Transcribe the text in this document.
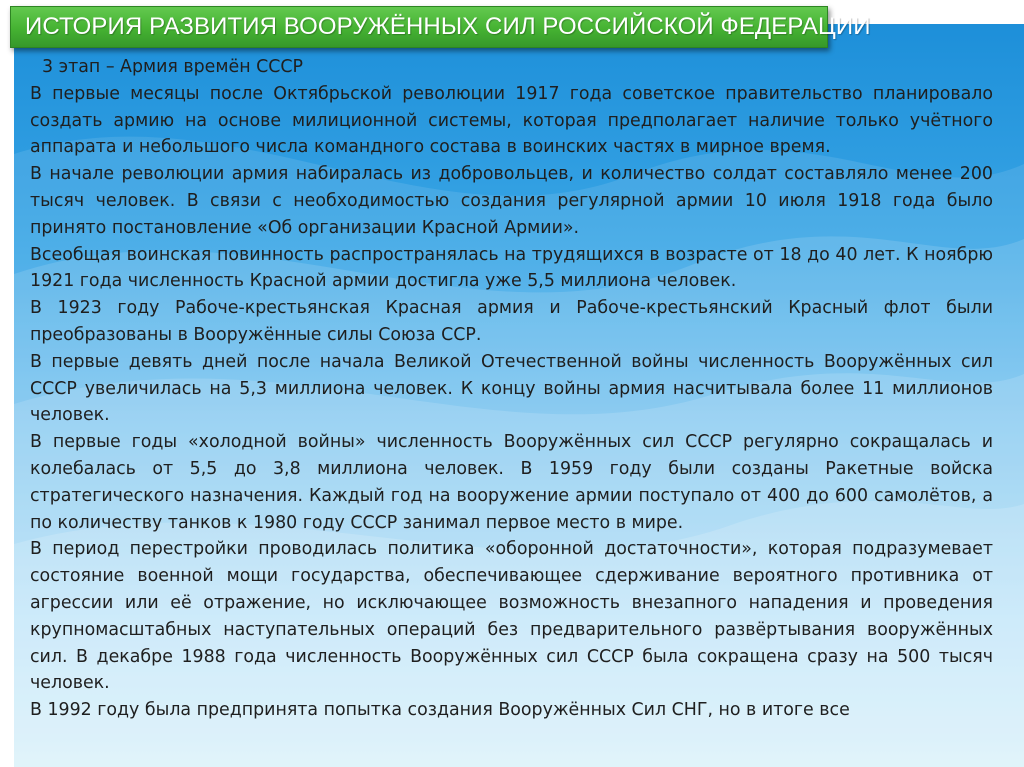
ИСТОРИЯ РАЗВИТИЯ ВООРУЖЁННЫХ СИЛ РОССИЙСКОЙ ФЕДЕРАЦИИ

3 этап – Армия времён СССР

В первые месяцы после Октябрьской революции 1917 года советское правительство планировало создать армию на основе милиционной системы, которая предполагает наличие только учётного аппарата и небольшого числа командного состава в воинских частях в мирное время.

В начале революции армия набиралась из добровольцев, и количество солдат составляло менее 200 тысяч человек. В связи с необходимостью создания регулярной армии 10 июля 1918 года было принято постановление «Об организации Красной Армии».

Всеобщая воинская повинность распространялась на трудящихся в возрасте от 18 до 40 лет. К ноябрю 1921 года численность Красной армии достигла уже 5,5 миллиона человек.

В 1923 году Рабоче-крестьянская Красная армия и Рабоче-крестьянский Красный флот были преобразованы в Вооружённые силы Союза ССР.

В первые девять дней после начала Великой Отечественной войны численность Вооружённых сил СССР увеличилась на 5,3 миллиона человек. К концу войны армия насчитывала более 11 миллионов человек.

В первые годы «холодной войны» численность Вооружённых сил СССР регулярно сокращалась и колебалась от 5,5 до 3,8 миллиона человек. В 1959 году были созданы Ракетные войска стратегического назначения. Каждый год на вооружение армии поступало от 400 до 600 самолётов, а по количеству танков к 1980 году СССР занимал первое место в мире.

В период перестройки проводилась политика «оборонной достаточности», которая подразумевает состояние военной мощи государства, обеспечивающее сдерживание вероятного противника от агрессии или её отражение, но исключающее возможность внезапного нападения и проведения крупномасштабных наступательных операций без предварительного развёртывания вооружённых сил. В декабре 1988 года численность Вооружённых сил СССР была сокращена сразу на 500 тысяч человек.

В 1992 году была предпринята попытка создания Вооружённых Сил СНГ, но в итоге все
